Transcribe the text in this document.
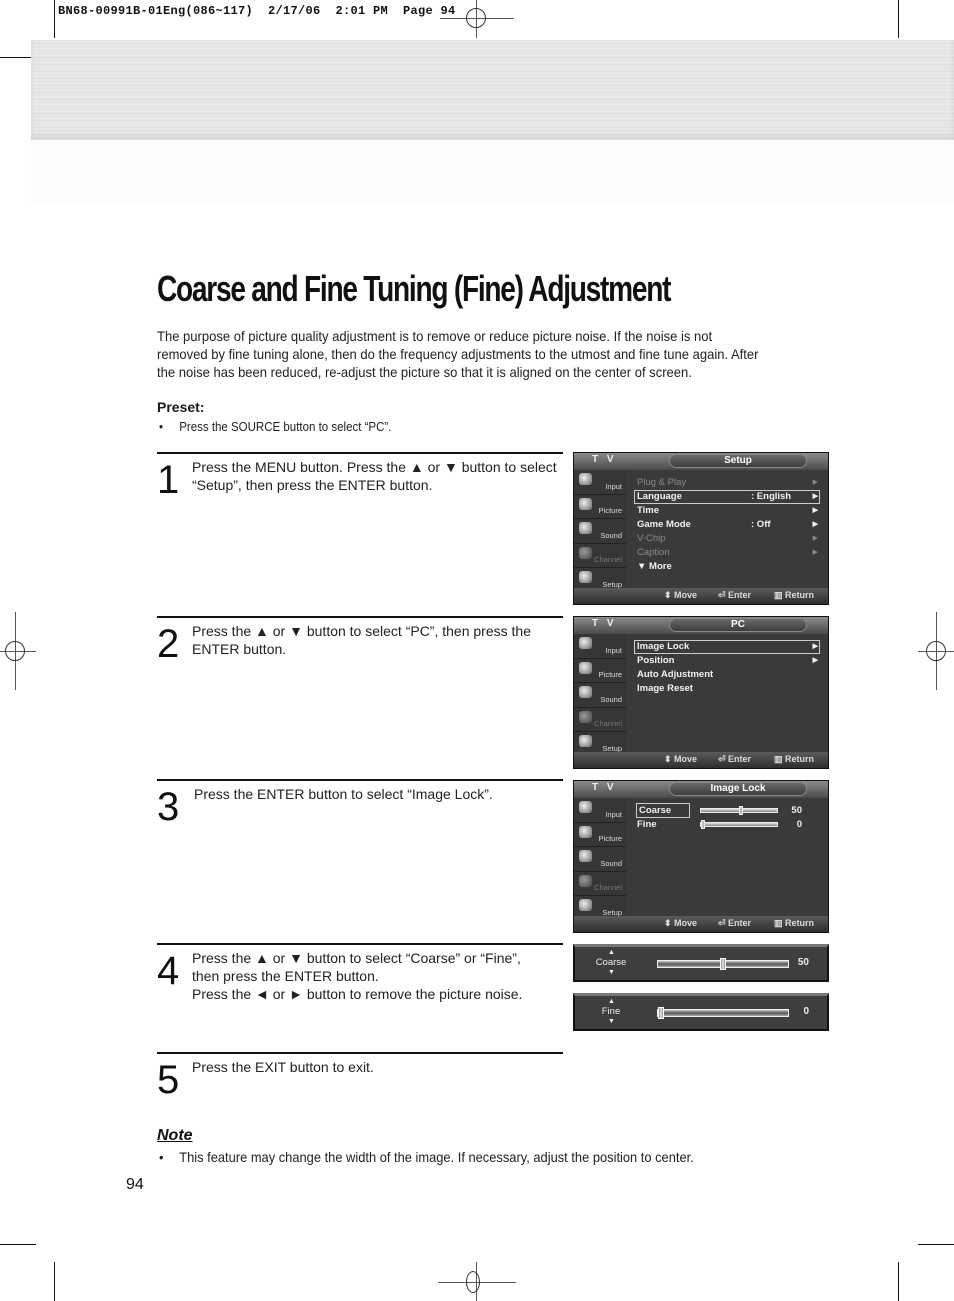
BN68-00991B-01Eng(086~117)  2/17/06  2:01 PM  Page 94
Coarse and Fine Tuning (Fine) Adjustment

The purpose of picture quality adjustment is to remove or reduce picture noise. If the noise is not removed by fine tuning alone, then do the frequency adjustments to the utmost and fine tune again. After the noise has been reduced, re-adjust the picture so that it is aligned on the center of screen.

Preset:
• Press the SOURCE button to select “PC”.
1 Press the MENU button. Press the ▲ or ▼ button to select

“Setup”, then press the ENTER button.

2 Press the ▲ or ▼ button to select “PC”, then press the

ENTER button.

3 Press the ENTER button to select “Image Lock”.

4 Press the ▲ or ▼ button to select “Coarse” or “Fine”,

then press the ENTER button.

Press the ◄ or ► button to remove the picture noise.

5 Press the EXIT button to exit.

T V	Setup
Input
Picture
Sound
Channel
Setup
Plug & Play	▶
Language	: English	▶
Time	▶
Game Mode	: Off	▶
V-Chip	▶
Caption	▶
▼ More
⬍ Move ⏎ Enter	▥ Return
T V	PC
Input
Picture
Sound
Channel
Setup
Image Lock	▶
Position	▶
Auto Adjustment
Image Reset
⬍ Move ⏎ Enter	▥ Return
T V	Image Lock
Input
Picture
Sound
Channel
Setup
Coarse	50
Fine	0
⬍ Move ⏎ Enter	▥ Return
▲
Coarse
▼
50
▲
Fine
▼
0
Note
• This feature may change the width of the image. If necessary, adjust the position to center.
94
